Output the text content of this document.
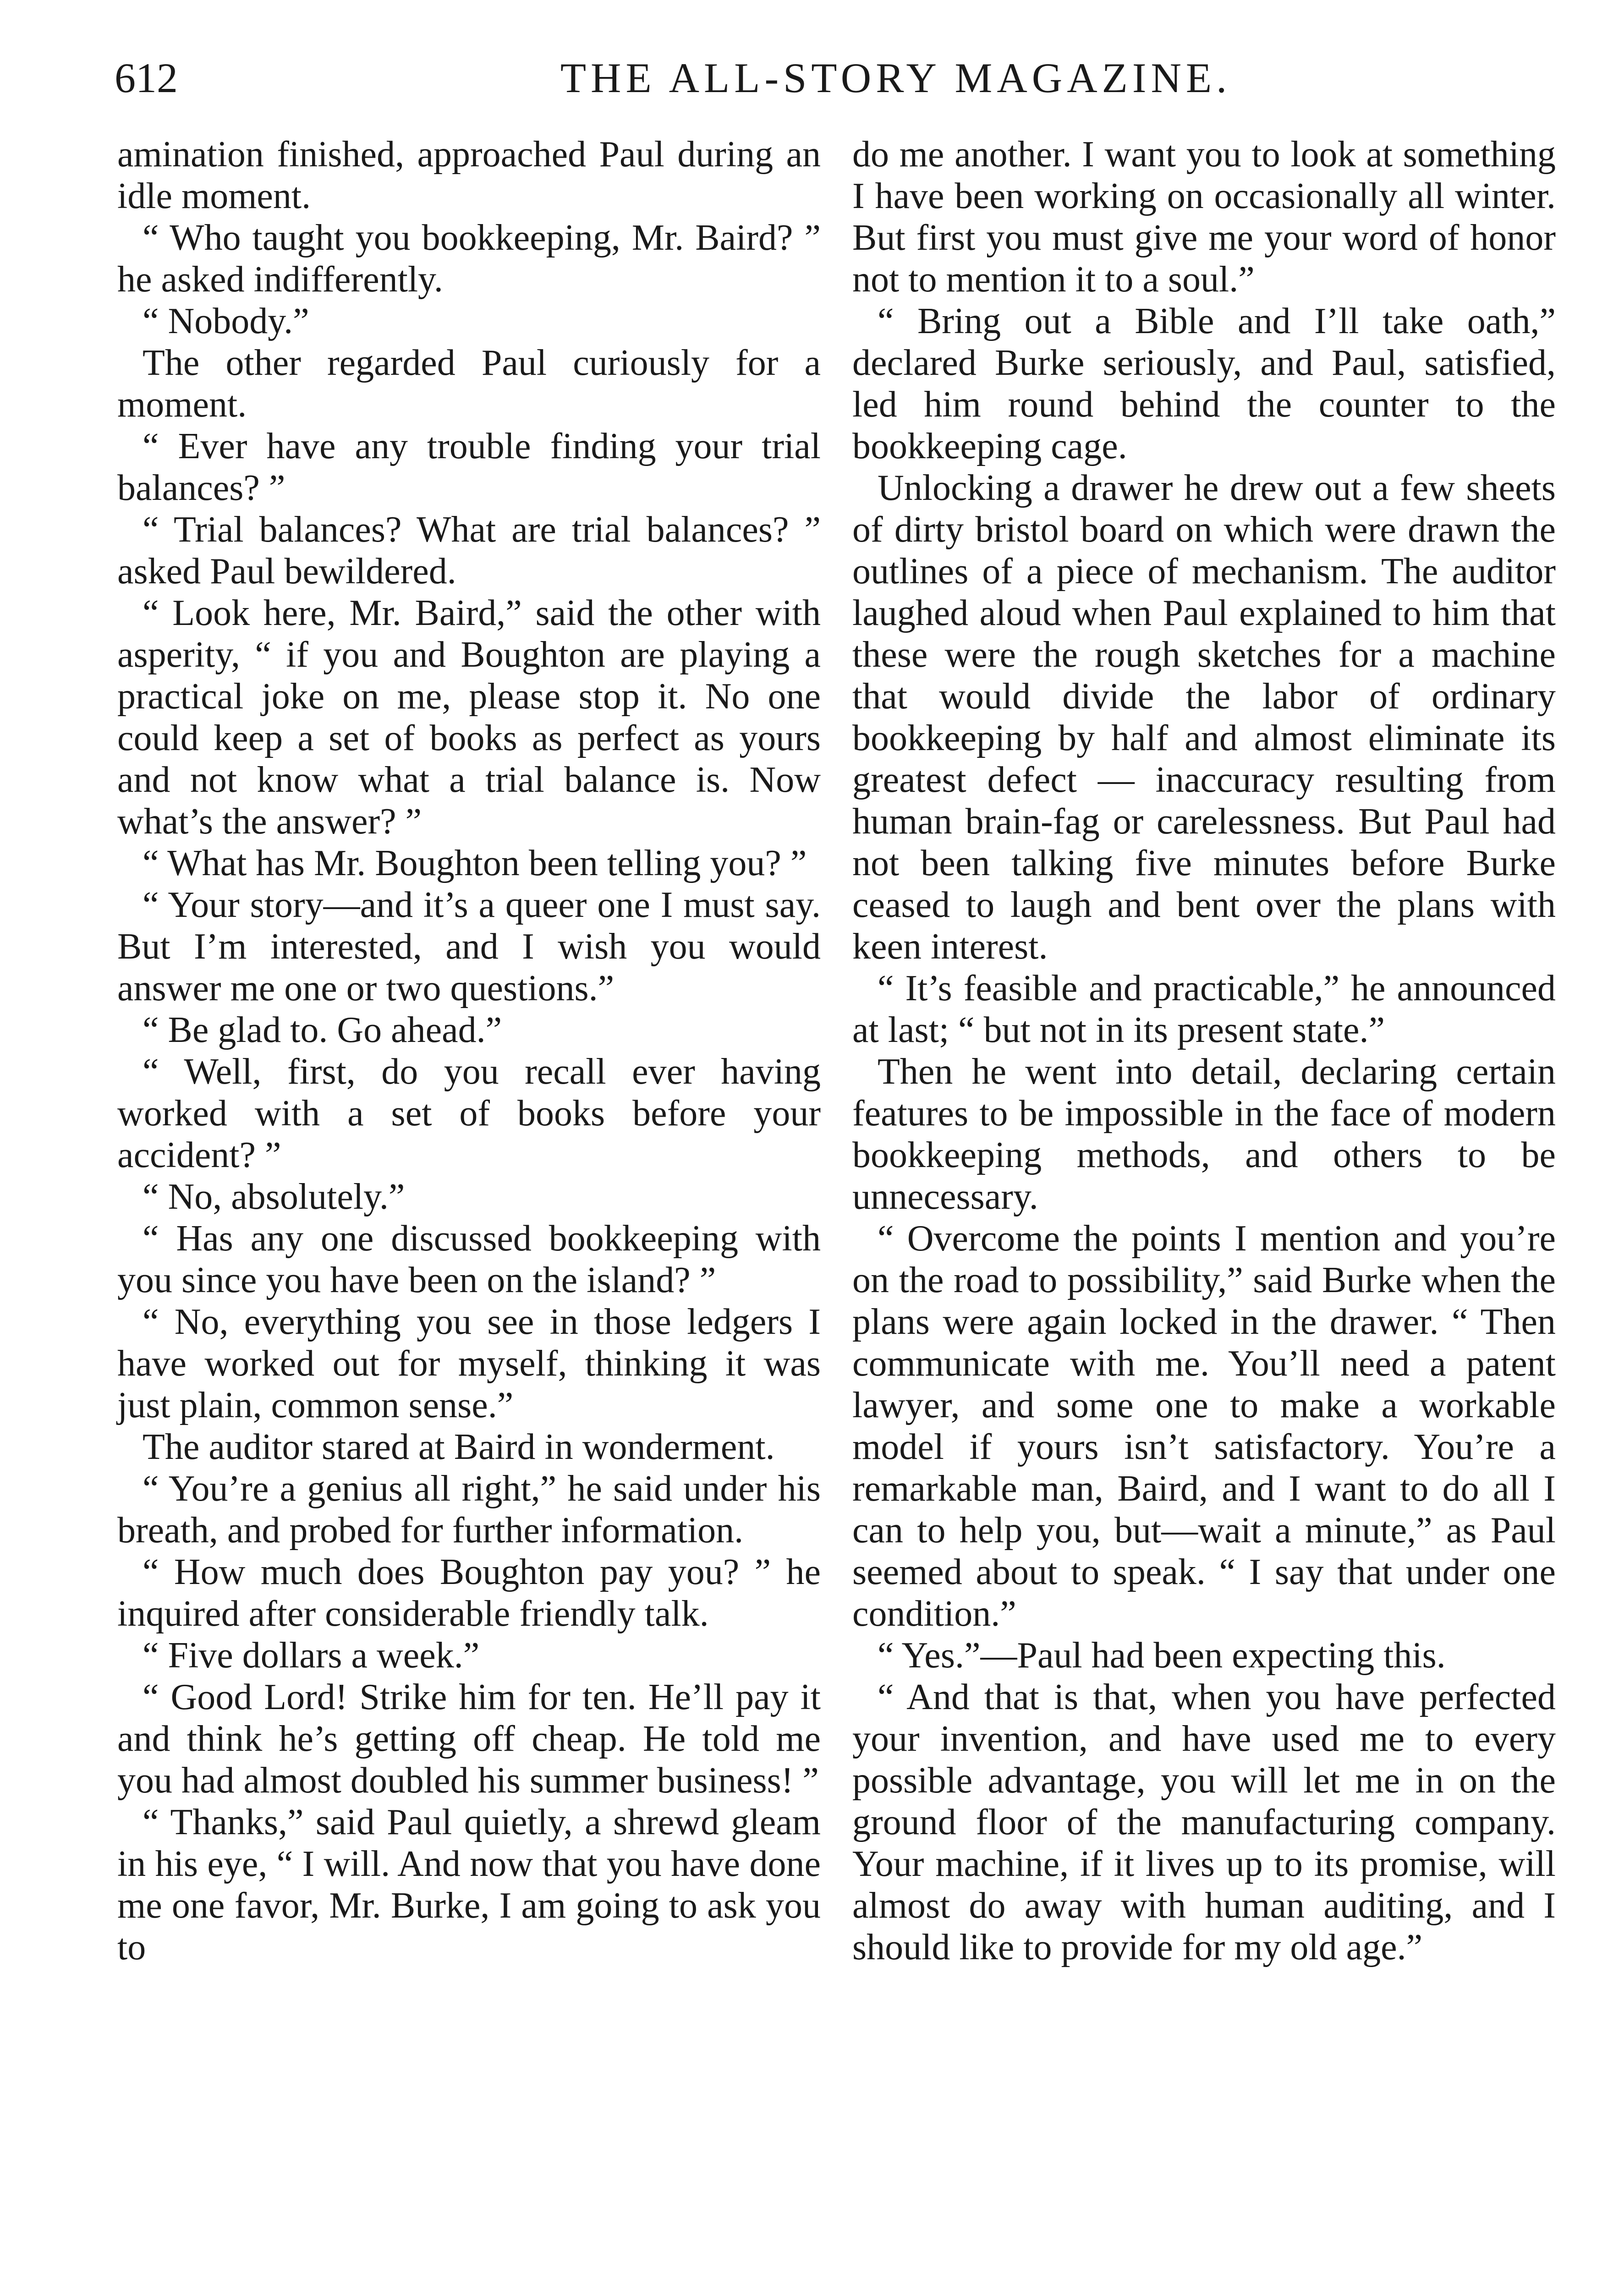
612	THE ALL-STORY MAGAZINE.

amination finished, approached Paul during an idle moment.

“ Who taught you bookkeeping, Mr. Baird? ” he asked indifferently.

“ Nobody.”

The other regarded Paul curiously for a moment.

“ Ever have any trouble finding your trial balances? ”

“ Trial balances? What are trial balances? ” asked Paul bewildered.

“ Look here, Mr. Baird,” said the other with asperity, “ if you and Boughton are playing a practical joke on me, please stop it. No one could keep a set of books as perfect as yours and not know what a trial balance is. Now what’s the answer? ”

“ What has Mr. Boughton been telling you? ”

“ Your story—and it’s a queer one I must say. But I’m interested, and I wish you would answer me one or two questions.”

“ Be glad to. Go ahead.”

“ Well, first, do you recall ever having worked with a set of books before your accident? ”

“ No, absolutely.”

“ Has any one discussed bookkeeping with you since you have been on the island? ”

“ No, everything you see in those ledgers I have worked out for myself, thinking it was just plain, common sense.”

The auditor stared at Baird in wonderment.

“ You’re a genius all right,” he said under his breath, and probed for further information.

“ How much does Boughton pay you? ” he inquired after considerable friendly talk.

“ Five dollars a week.”

“ Good Lord! Strike him for ten. He’ll pay it and think he’s getting off cheap. He told me you had almost doubled his summer business! ”

“ Thanks,” said Paul quietly, a shrewd gleam in his eye, “ I will. And now that you have done me one favor, Mr. Burke, I am going to ask you to

do me another. I want you to look at something I have been working on occasionally all winter. But first you must give me your word of honor not to mention it to a soul.”

“ Bring out a Bible and I’ll take oath,” declared Burke seriously, and Paul, satisfied, led him round behind the counter to the bookkeeping cage.

Unlocking a drawer he drew out a few sheets of dirty bristol board on which were drawn the outlines of a piece of mechanism. The auditor laughed aloud when Paul explained to him that these were the rough sketches for a machine that would divide the labor of ordinary bookkeeping by half and almost eliminate its greatest defect — inaccuracy resulting from human brain-fag or carelessness. But Paul had not been talking five minutes before Burke ceased to laugh and bent over the plans with keen interest.

“ It’s feasible and practicable,” he announced at last; “ but not in its present state.”

Then he went into detail, declaring certain features to be impossible in the face of modern bookkeeping methods, and others to be unnecessary.

“ Overcome the points I mention and you’re on the road to possibility,” said Burke when the plans were again locked in the drawer. “ Then communicate with me. You’ll need a patent lawyer, and some one to make a workable model if yours isn’t satisfactory. You’re a remarkable man, Baird, and I want to do all I can to help you, but—wait a minute,” as Paul seemed about to speak. “ I say that under one condition.”

“ Yes.”—Paul had been expecting this.

“ And that is that, when you have perfected your invention, and have used me to every possible advantage, you will let me in on the ground floor of the manufacturing company. Your machine, if it lives up to its promise, will almost do away with human auditing, and I should like to provide for my old age.”
